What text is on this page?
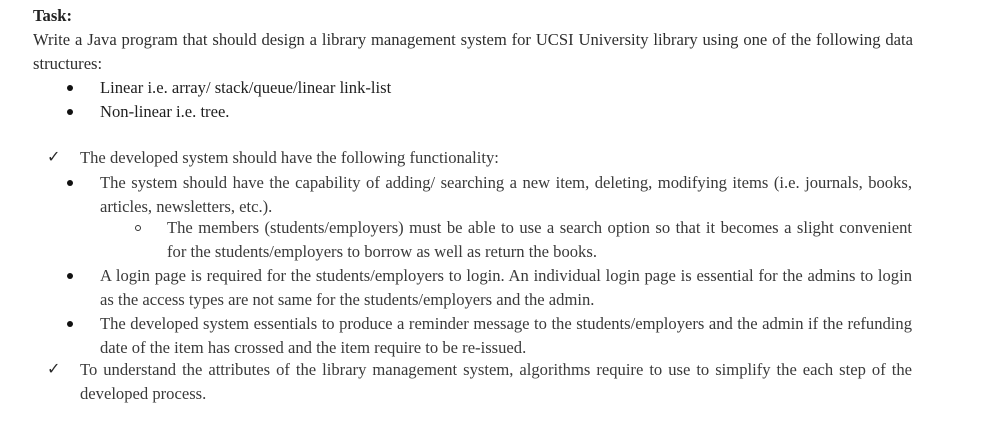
Task:
Write a Java program that should design a library management system for UCSI University library using one of the following data structures:
Linear i.e. array/ stack/queue/linear link-list
Non-linear i.e. tree.
✓ The developed system should have the following functionality:
The system should have the capability of adding/ searching a new item, deleting, modifying items (i.e. journals, books, articles, newsletters, etc.).
The members (students/employers) must be able to use a search option so that it becomes a slight convenient for the students/employers to borrow as well as return the books.
A login page is required for the students/employers to login. An individual login page is essential for the admins to login as the access types are not same for the students/employers and the admin.
The developed system essentials to produce a reminder message to the students/employers and the admin if the refunding date of the item has crossed and the item require to be re-issued.
✓ To understand the attributes of the library management system, algorithms require to use to simplify the each step of the developed process.
